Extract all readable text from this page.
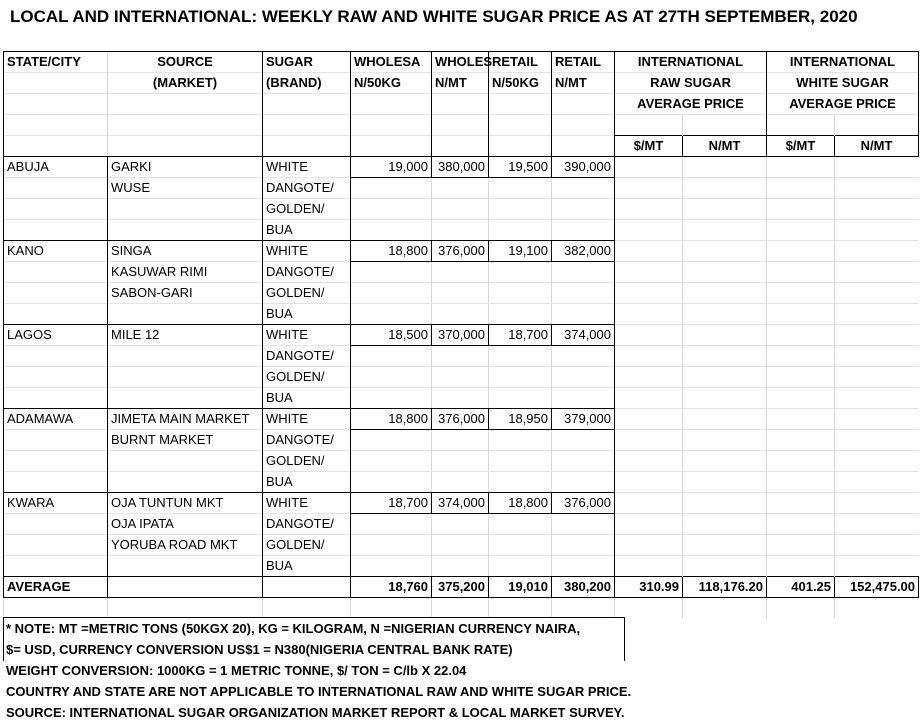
LOCAL AND INTERNATIONAL: WEEKLY RAW AND WHITE SUGAR PRICE AS AT 27TH SEPTEMBER, 2020
STATE/CITY	SOURCE	SUGAR	WHOLESA	WHOLES.	RETAIL	RETAIL	INTERNATIONAL		INTERNATIONAL	
	(MARKET)	(BRAND)	N/50KG	N/MT	N/50KG	N/MT	RAW SUGAR		WHITE SUGAR	
							AVERAGE PRICE		AVERAGE PRICE	

							$/MT	N/MT	$/MT	N/MT
ABUJA	GARKI	WHITE	19,000	380,000	19,500	390,000				
	WUSE	DANGOTE/								
		GOLDEN/								
		BUA								
KANO	SINGA	WHITE	18,800	376,000	19,100	382,000				
	KASUWAR RIMI	DANGOTE/								
	SABON-GARI	GOLDEN/								
		BUA								
LAGOS	MILE 12	WHITE	18,500	370,000	18,700	374,000				
		DANGOTE/								
		GOLDEN/								
		BUA								
ADAMAWA	JIMETA MAIN MARKET	WHITE	18,800	376,000	18,950	379,000				
	BURNT MARKET	DANGOTE/								
		GOLDEN/								
		BUA								
KWARA	OJA TUNTUN MKT	WHITE	18,700	374,000	18,800	376,000				
	OJA IPATA	DANGOTE/								
	YORUBA ROAD MKT	GOLDEN/								
		BUA								
AVERAGE			18,760	375,200	19,010	380,200	310.99	118,176.20	401.25	152,475.00

* NOTE: MT =METRIC TONS (50KGX 20), KG = KILOGRAM, N =NIGERIAN CURRENCY NAIRA,
$= USD, CURRENCY CONVERSION US$1 = N380(NIGERIA CENTRAL BANK RATE)
WEIGHT CONVERSION: 1000KG = 1 METRIC TONNE, $/ TON = C/lb X 22.04
COUNTRY AND STATE ARE NOT APPLICABLE TO INTERNATIONAL RAW AND WHITE SUGAR PRICE.
SOURCE: INTERNATIONAL SUGAR ORGANIZATION MARKET REPORT & LOCAL MARKET SURVEY.
